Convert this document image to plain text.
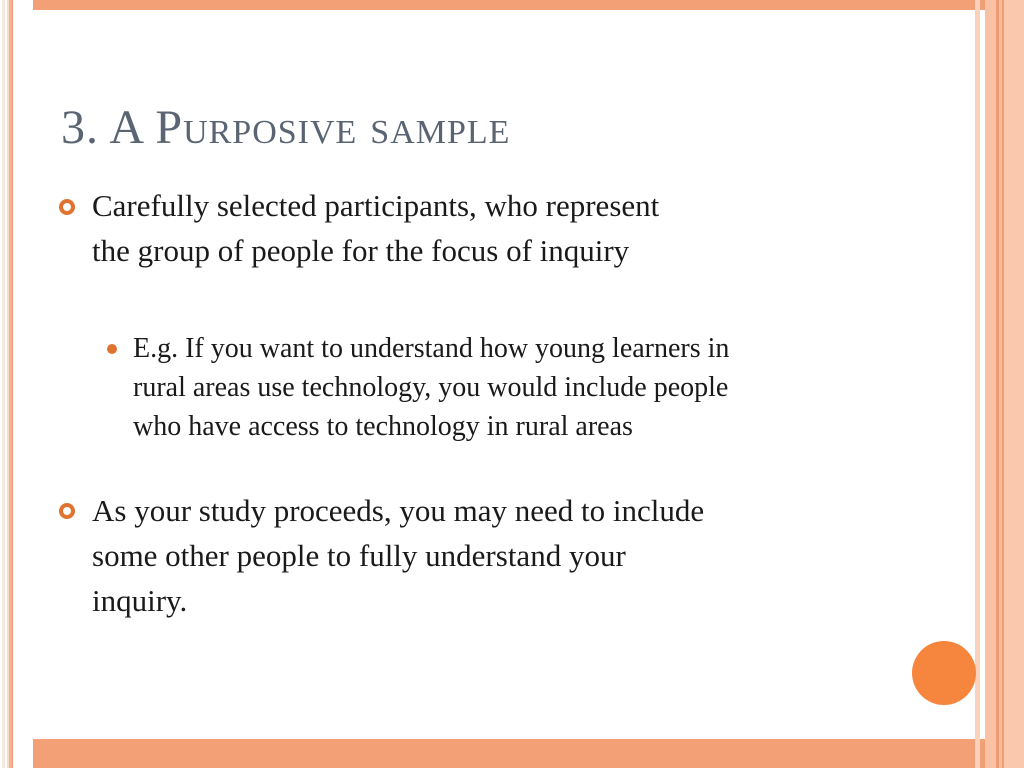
3. A Purposive sample
Carefully selected participants, who represent
the group of people for the focus of inquiry
E.g. If you want to understand how young learners in
rural areas use technology, you would include people
who have access to technology in rural areas
As your study proceeds, you may need to include
some other people to fully understand your
inquiry.
